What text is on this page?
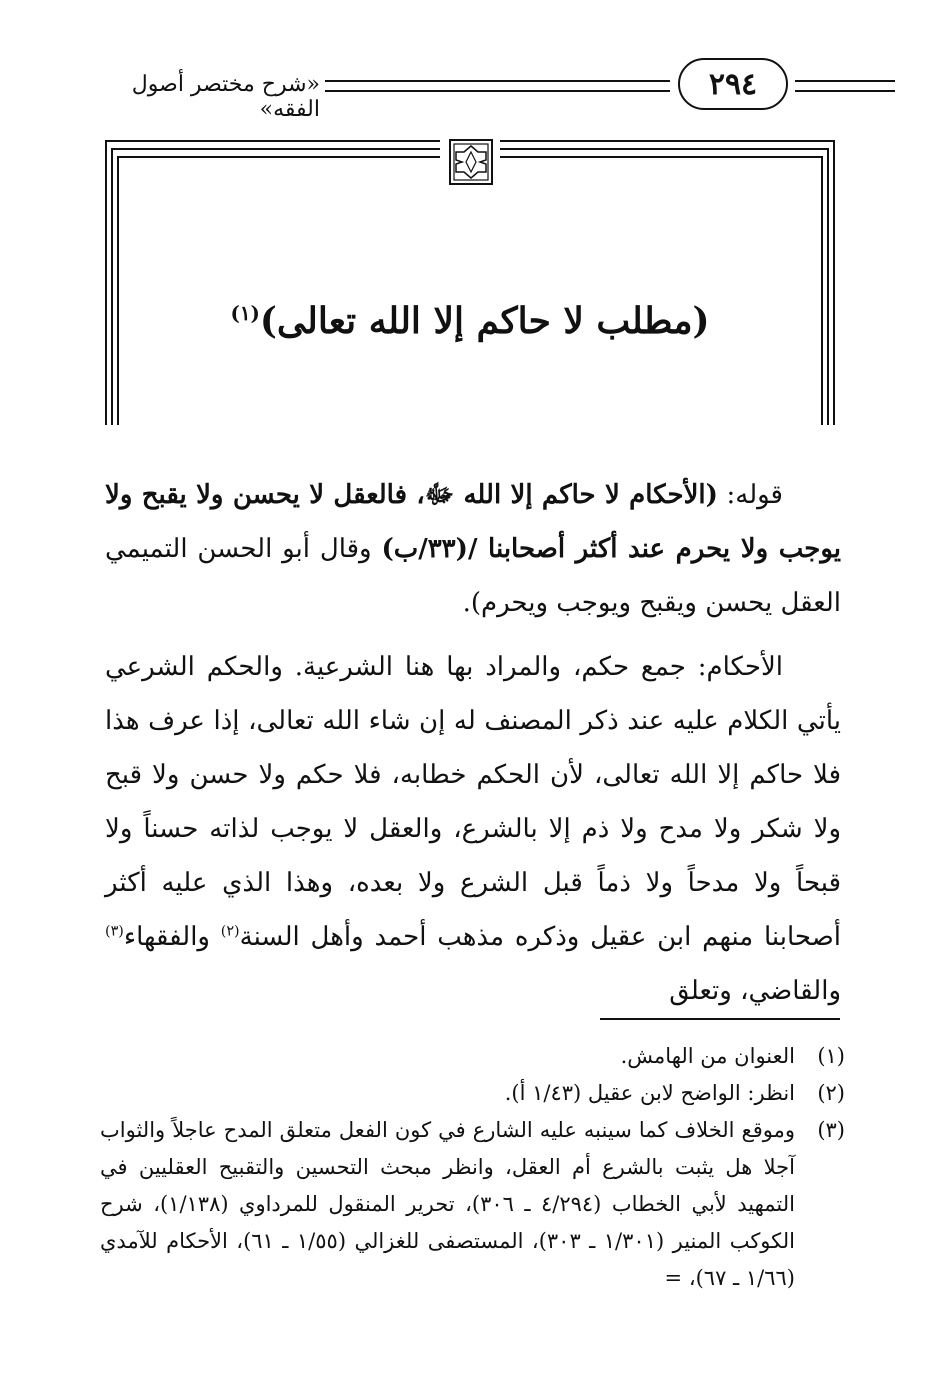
«شرح مختصر أصول الفقه»
٢٩٤
(مطلب لا حاكم إلا الله تعالى)$^{(١)}$

قوله: (الأحكام لا حاكم إلا الله ﷻ، فالعقل لا يحسن ولا يقبح ولا يوجب ولا يحرم عند أكثر أصحابنا /(٣٣/ب) وقال أبو الحسن التميمي العقل يحسن ويقبح ويوجب ويحرم).

الأحكام: جمع حكم، والمراد بها هنا الشرعية. والحكم الشرعي يأتي الكلام عليه عند ذكر المصنف له إن شاء الله تعالى، إذا عرف هذا فلا حاكم إلا الله تعالى، لأن الحكم خطابه، فلا حكم ولا حسن ولا قبح ولا شكر ولا مدح ولا ذم إلا بالشرع، والعقل لا يوجب لذاته حسناً ولا قبحاً ولا مدحاً ولا ذماً قبل الشرع ولا بعده، وهذا الذي عليه أكثر أصحابنا منهم ابن عقيل وذكره مذهب أحمد وأهل السنة$^{(٢)}$ والفقهاء$^{(٣)}$ والقاضي، وتعلق

(١)
العنوان من الهامش.
(٢)
انظر: الواضح لابن عقيل (١/٤٣ أ).
(٣)
وموقع الخلاف كما سينبه عليه الشارع في كون الفعل متعلق المدح عاجلاً والثواب آجلا هل يثبت بالشرع أم العقل، وانظر مبحث التحسين والتقبيح العقليين في التمهيد لأبي الخطاب (٤/٢٩٤ ـ ٣٠٦)، تحرير المنقول للمرداوي (١/١٣٨)، شرح الكوكب المنير (١/٣٠١ ـ ٣٠٣)، المستصفى للغزالي (١/٥٥ ـ ٦١)، الأحكام للآمدي (١/٦٦ ـ ٦٧)، =
